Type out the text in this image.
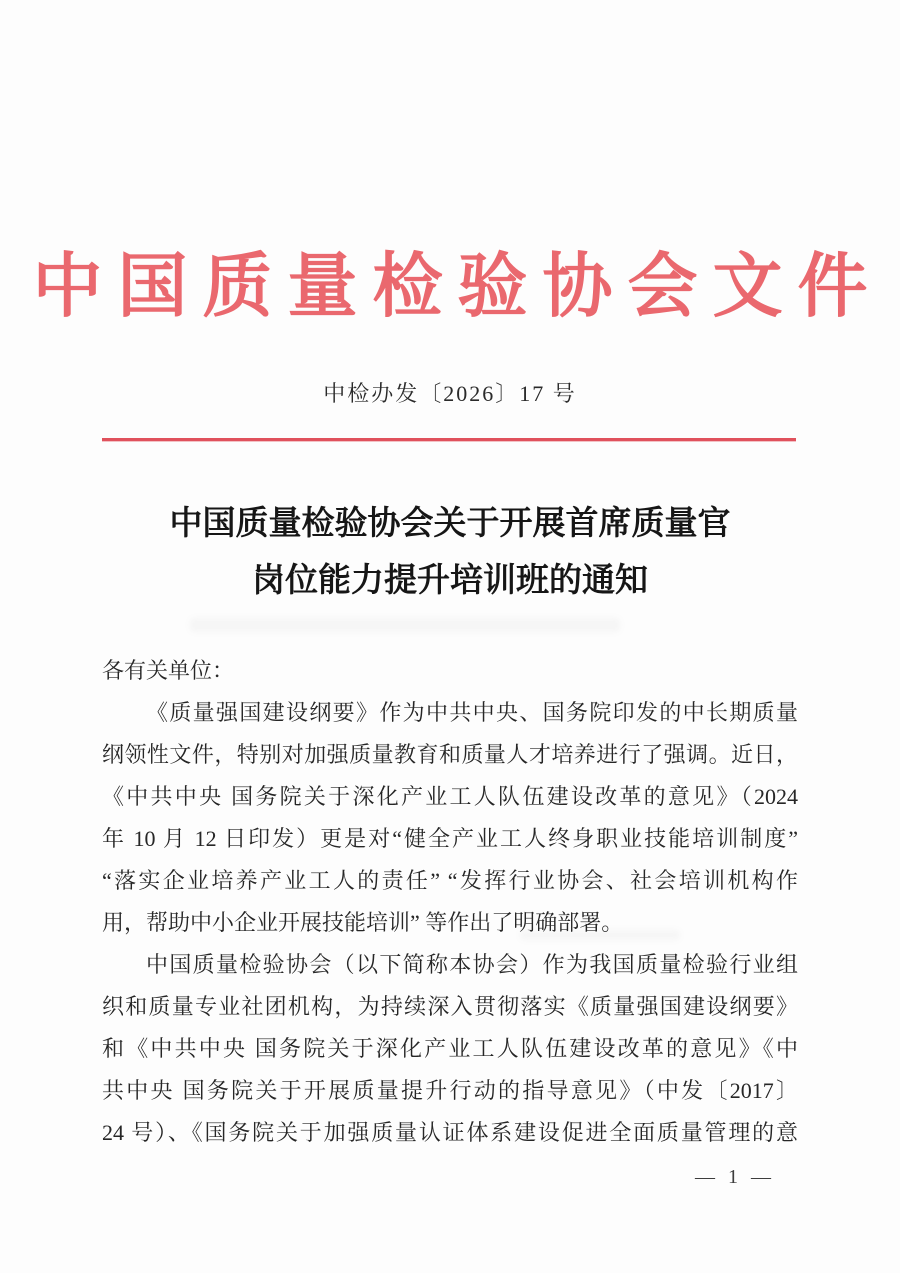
中国质量检验协会文件
中检办发〔2026〕17 号
中国质量检验协会关于开展首席质量官
岗位能力提升培训班的通知
各有关单位：
《质量强国建设纲要》作为中共中央、国务院印发的中长期质量
纲领性文件，特别对加强质量教育和质量人才培养进行了强调。近日，
《中共中央 国务院关于深化产业工人队伍建设改革的意见》（2024
年 10 月 12 日印发）更是对“健全产业工人终身职业技能培训制度”
“落实企业培养产业工人的责任” “发挥行业协会、社会培训机构作
用，帮助中小企业开展技能培训” 等作出了明确部署。
中国质量检验协会（以下简称本协会）作为我国质量检验行业组
织和质量专业社团机构，为持续深入贯彻落实《质量强国建设纲要》
和《中共中央 国务院关于深化产业工人队伍建设改革的意见》《中
共中央 国务院关于开展质量提升行动的指导意见》（中发〔2017〕
24 号）、《国务院关于加强质量认证体系建设促进全面质量管理的意
— 1 —
